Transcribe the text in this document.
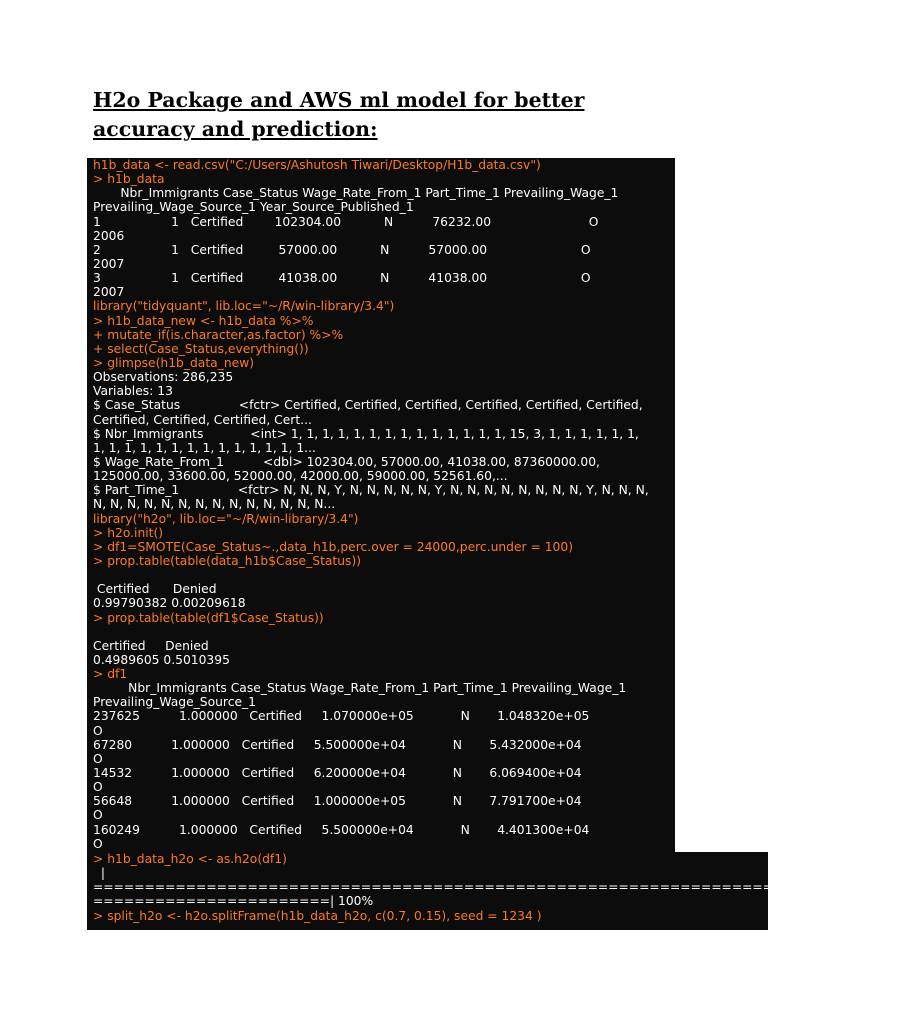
H2o Package and AWS ml model for better accuracy and prediction:
h1b_data <- read.csv("C:/Users/Ashutosh Tiwari/Desktop/H1b_data.csv")
> h1b_data
Nbr_Immigrants Case_Status Wage_Rate_From_1 Part_Time_1 Prevailing_Wage_1
Prevailing_Wage_Source_1 Year_Source_Published_1
1                  1   Certified        102304.00           N          76232.00                         O
2006
2                  1   Certified         57000.00           N          57000.00                        O
2007
3                  1   Certified         41038.00           N          41038.00                        O
2007
library("tidyquant", lib.loc="~/R/win-library/3.4")
> h1b_data_new <- h1b_data %>%
+ mutate_if(is.character,as.factor) %>%
+ select(Case_Status,everything())
> glimpse(h1b_data_new)
Observations: 286,235
Variables: 13
$ Case_Status               <fctr> Certified, Certified, Certified, Certified, Certified, Certified,
Certified, Certified, Certified, Cert...
$ Nbr_Immigrants            <int> 1, 1, 1, 1, 1, 1, 1, 1, 1, 1, 1, 1, 1, 1, 15, 3, 1, 1, 1, 1, 1, 1,
1, 1, 1, 1, 1, 1, 1, 1, 1, 1, 1, 1, 1, 1...
$ Wage_Rate_From_1          <dbl> 102304.00, 57000.00, 41038.00, 87360000.00,
125000.00, 33600.00, 52000.00, 42000.00, 59000.00, 52561.60,...
$ Part_Time_1               <fctr> N, N, N, Y, N, N, N, N, N, Y, N, N, N, N, N, N, N, N, Y, N, N, N,
N, N, N, N, N, N, N, N, N, N, N, N, N, N...
library("h2o", lib.loc="~/R/win-library/3.4")
> h2o.init()
> df1=SMOTE(Case_Status~.,data_h1b,perc.over = 24000,perc.under = 100)
> prop.table(table(data_h1b$Case_Status))
Certified      Denied
0.99790382 0.00209618
> prop.table(table(df1$Case_Status))
Certified     Denied
0.4989605 0.5010395
> df1
Nbr_Immigrants Case_Status Wage_Rate_From_1 Part_Time_1 Prevailing_Wage_1
Prevailing_Wage_Source_1
237625          1.000000   Certified     1.070000e+05            N       1.048320e+05
O
67280          1.000000   Certified     5.500000e+04            N       5.432000e+04
O
14532          1.000000   Certified     6.200000e+04            N       6.069400e+04
O
56648          1.000000   Certified     1.000000e+05            N       7.791700e+04
O
160249          1.000000   Certified     5.500000e+04            N       4.401300e+04
O
> h1b_data_h2o <- as.h2o(df1)
|
================================================================================
=======================| 100%
> split_h2o <- h2o.splitFrame(h1b_data_h2o, c(0.7, 0.15), seed = 1234 )
